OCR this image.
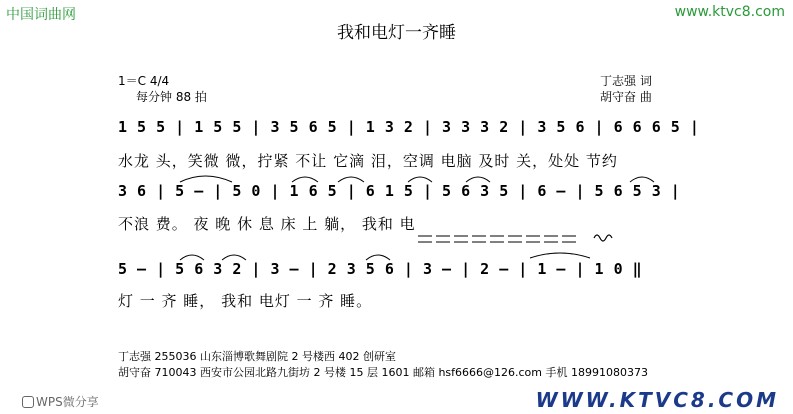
中国词曲网	www.ktvc8.com
我和电灯一齐睡
1＝C 4/4
每分钟 88 拍
丁志强 词
胡守奋 曲
1 5 5 | 1 5 5 | 3 5 6 5 | 1 3 2 | 3 3 3 2 | 3 5 6 | 6 6 6 5 |
水龙 头，笑微 微，拧紧 不让 它滴 泪，空调 电脑 及时 关，处处 节约
3 6 | 5 — | 5 0 | 1 6 5 | 6 1 5 | 5 6 3 5 | 6 — | 5 6 5 3 |
不浪 费。 夜 晚 休 息 床 上 躺， 我和 电
5 — | 5 6 3 2 | 3 — | 2 3 5 6 | 3 — | 2 — | 1 — | 1 0 ‖
灯 一 齐 睡， 我和 电灯 一 齐 睡。
丁志强 255036 山东淄博歌舞剧院 2 号楼西 402 创研室
胡守奋 710043 西安市公园北路九街坊 2 号楼 15 层 1601 邮箱 hsf6666@126.com 手机 18991080373
WPS微分享	WWW.KTVC8.COM
